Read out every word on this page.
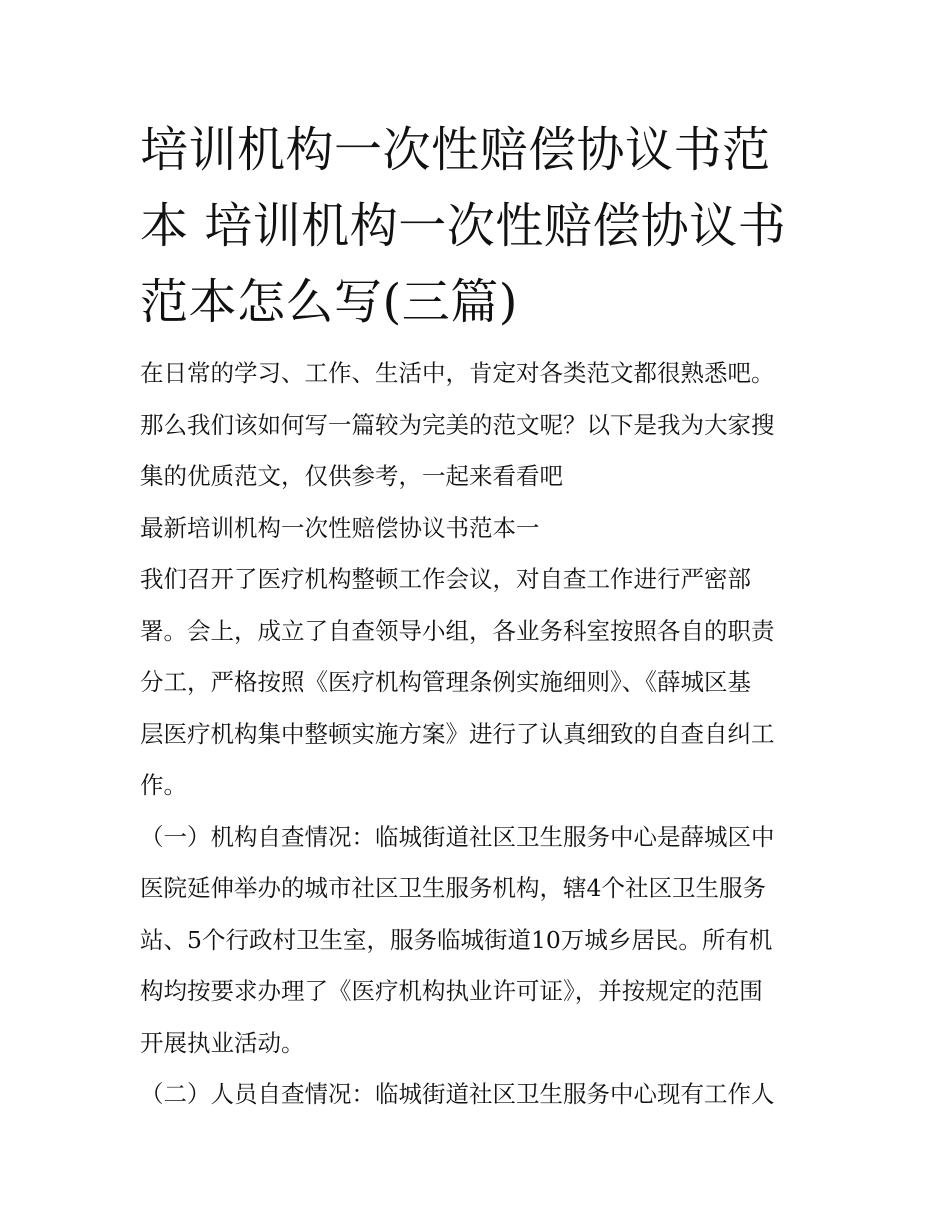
培训机构一次性赔偿协议书范
本 培训机构一次性赔偿协议书
范本怎么写(三篇)
在日常的学习、工作、生活中，肯定对各类范文都很熟悉吧。
那么我们该如何写一篇较为完美的范文呢？以下是我为大家搜
集的优质范文，仅供参考，一起来看看吧
最新培训机构一次性赔偿协议书范本一
我们召开了医疗机构整顿工作会议，对自查工作进行严密部
署。会上，成立了自查领导小组，各业务科室按照各自的职责
分工，严格按照《医疗机构管理条例实施细则》、《薛城区基
层医疗机构集中整顿实施方案》进行了认真细致的自查自纠工
作。
（一）机构自查情况：临城街道社区卫生服务中心是薛城区中
医院延伸举办的城市社区卫生服务机构，辖4个社区卫生服务
站、5个行政村卫生室，服务临城街道10万城乡居民。所有机
构均按要求办理了《医疗机构执业许可证》，并按规定的范围
开展执业活动。
（二）人员自查情况：临城街道社区卫生服务中心现有工作人
